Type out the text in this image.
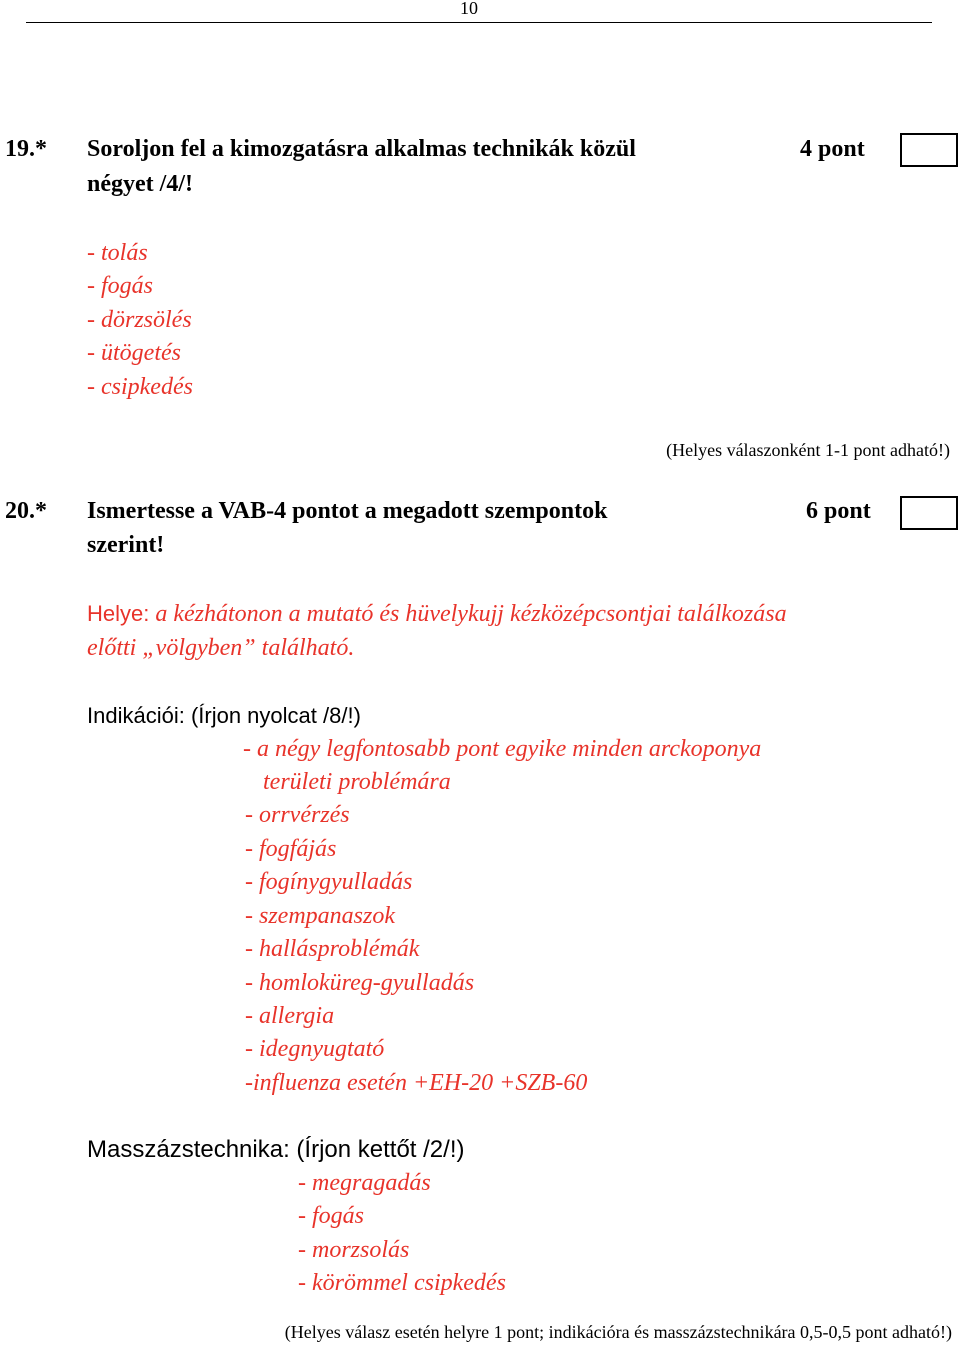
10
19.* Soroljon fel a kimozgatásra alkalmas technikák közül
négyet /4/!
4 pont
- tolás
- fogás
- dörzsölés
- ütögetés
- csipkedés
(Helyes válaszonként 1-1 pont adható!)
20.* Ismertesse a VAB-4 pontot a megadott szempontok
szerint!
6 pont
Helye: a kézhátonon a mutató és hüvelykujj kézközépcsontjai találkozása
előtti „völgyben” található.
Indikációi: (Írjon nyolcat /8/!)
- a négy legfontosabb pont egyike minden arckoponya
területi problémára
- orrvérzés
- fogfájás
- fogínygyulladás
- szempanaszok
- hallásproblémák
- homloküreg-gyulladás
- allergia
- idegnyugtató
-influenza esetén +EH-20 +SZB-60
Masszázstechnika: (Írjon kettőt /2/!)
- megragadás
- fogás
- morzsolás
- körömmel csipkedés
(Helyes válasz esetén helyre 1 pont; indikációra és masszázstechnikára 0,5-0,5 pont adható!)
